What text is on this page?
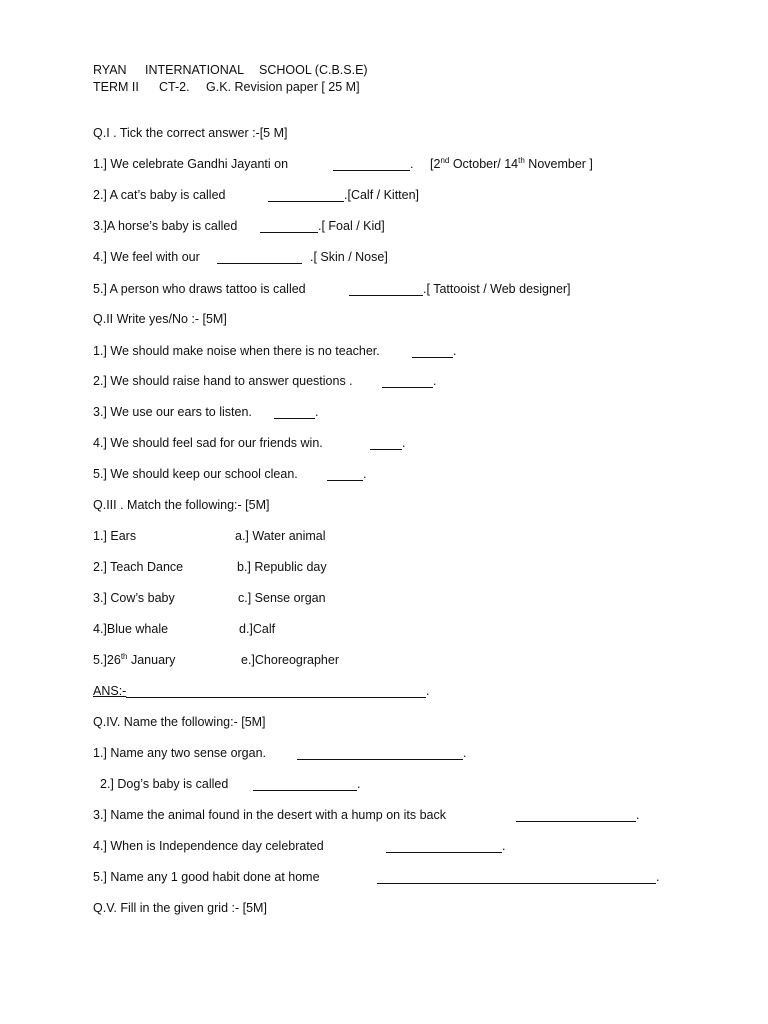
RYAN INTERNATIONAL SCHOOL (C.B.S.E)
TERM II CT-2. G.K. Revision paper [ 25 M]
Q.I . Tick the correct answer :-[5 M]
1.] We celebrate Gandhi Jayanti on	. [2nd October/ 14th November ]
2.] A cat’s baby is called	.[Calf / Kitten]
3.]A horse’s baby is called	.[ Foal / Kid]
4.] We feel with our	.[ Skin / Nose]
5.] A person who draws tattoo is called	.[ Tattooist / Web designer]
Q.II Write yes/No :- [5M]
1.] We should make noise when there is no teacher.	.
2.] We should raise hand to answer questions .	.
3.] We use our ears to listen.	.
4.] We should feel sad for our friends win.	.
5.] We should keep our school clean.	.
Q.III . Match the following:- [5M]
1.] Ears	a.] Water animal
2.] Teach Dance	b.] Republic day
3.] Cow’s baby	c.] Sense organ
4.]Blue whale	d.]Calf
5.]26th January	e.]Choreographer
ANS:-	.
Q.IV. Name the following:- [5M]
1.] Name any two sense organ.	.
2.] Dog’s baby is called	.
3.] Name the animal found in the desert with a hump on its back	.
4.] When is Independence day celebrated	.
5.] Name any 1 good habit done at home	.
Q.V. Fill in the given grid :- [5M]
